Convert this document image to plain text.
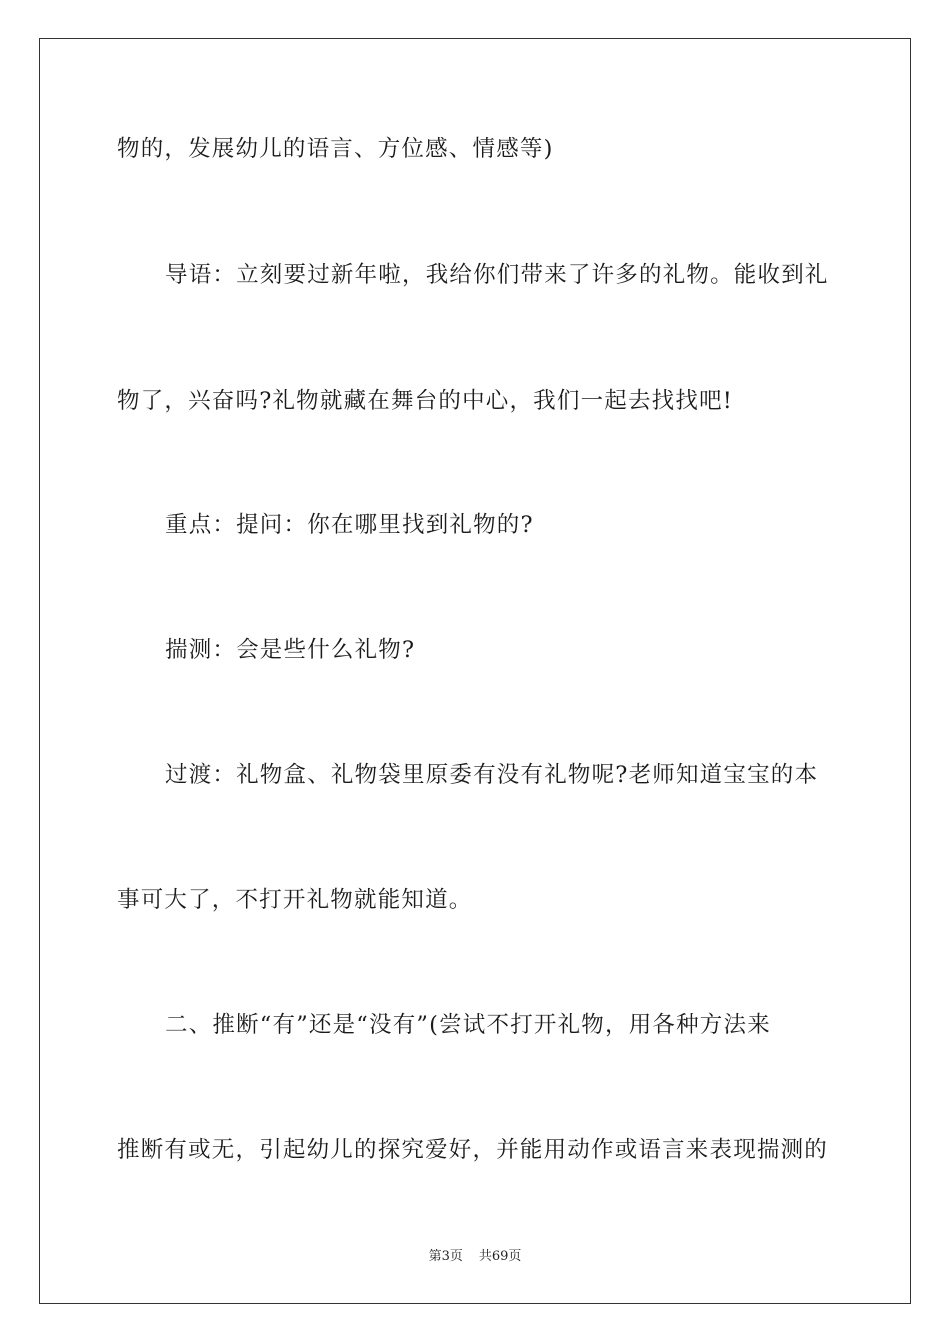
物的，发展幼儿的语言、方位感、情感等)
导语：立刻要过新年啦，我给你们带来了许多的礼物。能收到礼
物了，兴奋吗?礼物就藏在舞台的中心，我们一起去找找吧!
重点：提问：你在哪里找到礼物的?
揣测：会是些什么礼物?
过渡：礼物盒、礼物袋里原委有没有礼物呢?老师知道宝宝的本
事可大了，不打开礼物就能知道。
二、推断“有”还是“没有”(尝试不打开礼物，用各种方法来
推断有或无，引起幼儿的探究爱好，并能用动作或语言来表现揣测的
第3页 共69页
